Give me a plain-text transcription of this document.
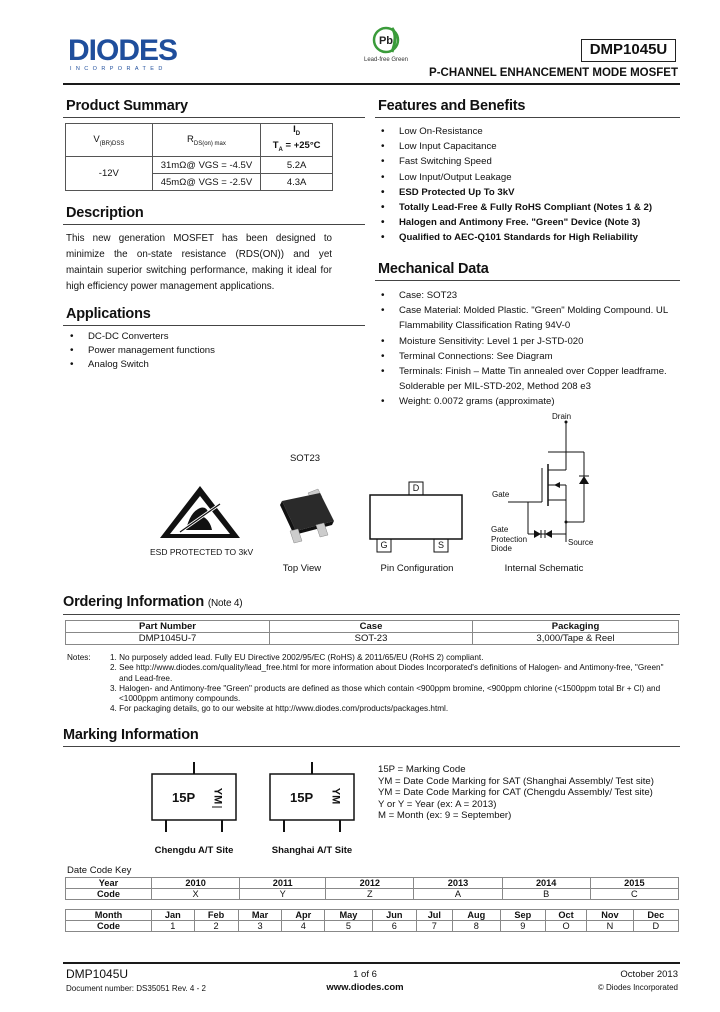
DIODES
INCORPORATED
Pb
Lead-free Green
DMP1045U
P-CHANNEL ENHANCEMENT MODE MOSFET
Product Summary
$V_{(BR)DSS}$	$R_{DS(on) max}$	$I_D$
$T_A = +25^\circ C$
-12V	31mΩ@ VGS = -4.5V	5.2A
	45mΩ@ VGS = -2.5V	4.3A
Description
This new generation MOSFET has been designed to minimize the on-state resistance (RDS(ON)) and yet maintain superior switching performance, making it ideal for high efficiency power management applications.
Applications
• DC-DC Converters
• Power management functions
• Analog Switch
Features and Benefits
• Low On-Resistance
• Low Input Capacitance
• Fast Switching Speed
• Low Input/Output Leakage
• ESD Protected Up To 3kV
• Totally Lead-Free & Fully RoHS Compliant (Notes 1 & 2)
• Halogen and Antimony Free. "Green" Device (Note 3)
• Qualified to AEC-Q101 Standards for High Reliability
Mechanical Data
• Case: SOT23
• Case Material: Molded Plastic. "Green" Molding Compound. UL Flammability Classification Rating 94V-0
• Moisture Sensitivity: Level 1 per J-STD-020
• Terminal Connections: See Diagram
• Terminals: Finish – Matte Tin annealed over Copper leadframe. Solderable per MIL-STD-202, Method 208 e3
• Weight: 0.0072 grams (approximate)
SOT23
ESD PROTECTED TO 3kV
Top View
D
G	S
Pin Configuration
Drain
Gate
Gate
Protection
Diode
Source
Internal Schematic
Ordering Information (Note 4)
Part Number	Case	Packaging
DMP1045U-7	SOT-23	3,000/Tape & Reel
Notes: 1. No purposely added lead. Fully EU Directive 2002/95/EC (RoHS) & 2011/65/EU (RoHS 2) compliant.
2. See http://www.diodes.com/quality/lead_free.html for more information about Diodes Incorporated's definitions of Halogen- and Antimony-free, "Green"
and Lead-free.
3. Halogen- and Antimony-free "Green" products are defined as those which contain <900ppm bromine, <900ppm chlorine (<1500ppm total Br + Cl) and
<1000ppm antimony compounds.
4. For packaging details, go to our website at http://www.diodes.com/products/packages.html.
Marking Information
15P YM
Chengdu A/T Site
15P YM
Shanghai A/T Site
15P = Marking Code
YM = Date Code Marking for SAT (Shanghai Assembly/ Test site)
YM = Date Code Marking for CAT (Chengdu Assembly/ Test site)
Y or Y = Year (ex: A = 2013)
M = Month (ex: 9 = September)
Date Code Key
Year	2010	2011	2012	2013	2014	2015
Code	X	Y	Z	A	B	C
Month	Jan	Feb	Mar	Apr	May	Jun	Jul	Aug	Sep	Oct	Nov	Dec
Code	1	2	3	4	5	6	7	8	9	O	N	D
DMP1045U
Document number: DS35051 Rev. 4 - 2
1 of 6
www.diodes.com
October 2013
© Diodes Incorporated
